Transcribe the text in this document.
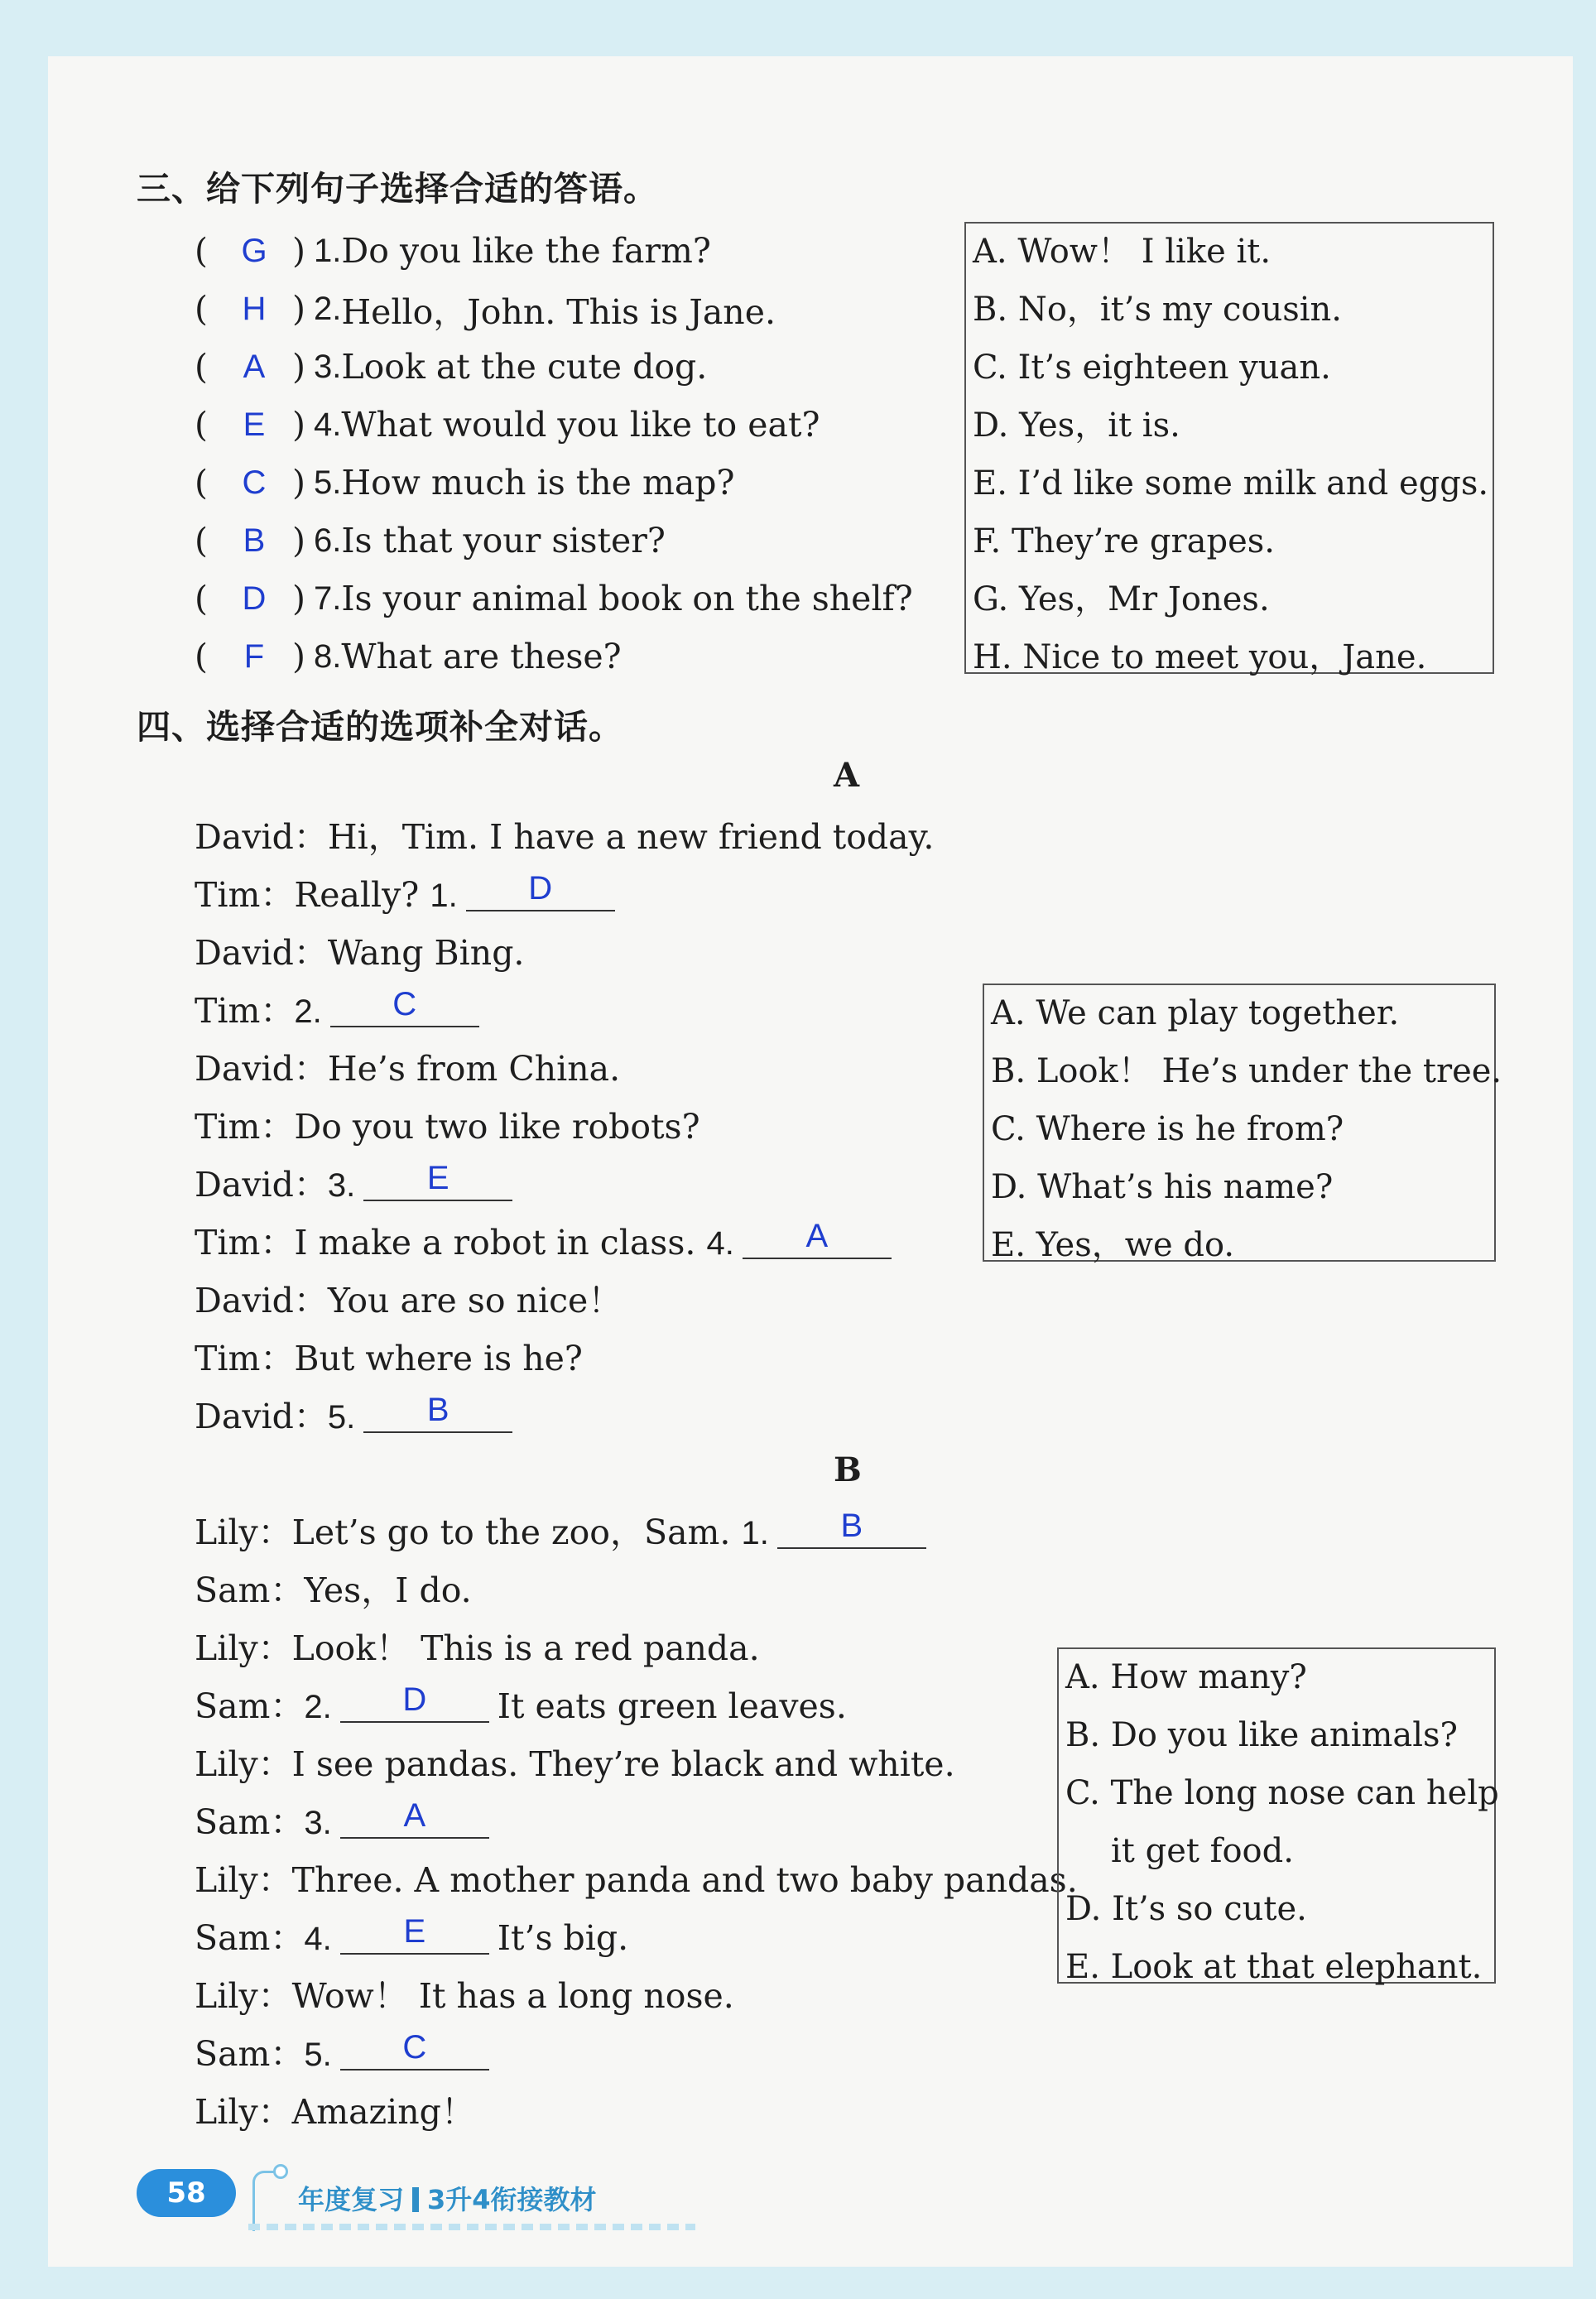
三、给下列句子选择合适的答语。
(	G ) 1. Do you like the farm?
(	H ) 2. Hello，John. This is Jane.
(	A ) 3. Look at the cute dog.
(	E ) 4. What would you like to eat?
(	C ) 5. How much is the map?
(	B ) 6. Is that your sister?
(	D ) 7. Is your animal book on the shelf?
(	F ) 8. What are these?
A. Wow！ I like it.
B. No，it’s my cousin.
C. It’s eighteen yuan.
D. Yes，it is.
E. I’d like some milk and eggs.
F. They’re grapes.
G. Yes，Mr Jones.
H. Nice to meet you，Jane.
四、选择合适的选项补全对话。
A
David：Hi，Tim. I have a new friend today.
Tim：Really? 1.	D
David：Wang Bing.
Tim：2.	C
David：He’s from China.
Tim：Do you two like robots?
David：3.	E
Tim：I make a robot in class. 4.	A
David：You are so nice！
Tim：But where is he?
David：5.	B
A. We can play together.
B. Look！ He’s under the tree.
C. Where is he from?
D. What’s his name?
E. Yes，we do.
B
Lily：Let’s go to the zoo，Sam. 1.	B
Sam：Yes，I do.
Lily：Look！ This is a red panda.
Sam：2.	D	It eats green leaves.
Lily：I see pandas. They’re black and white.
Sam：3.	A
Lily：Three. A mother panda and two baby pandas.
Sam：4.	E	It’s big.
Lily：Wow！ It has a long nose.
Sam：5.	C
Lily：Amazing！
A. How many?
B. Do you like animals?
C. The long nose can help
it get food.
D. It’s so cute.
E. Look at that elephant.
58	年度复习 3升4衔接教材
